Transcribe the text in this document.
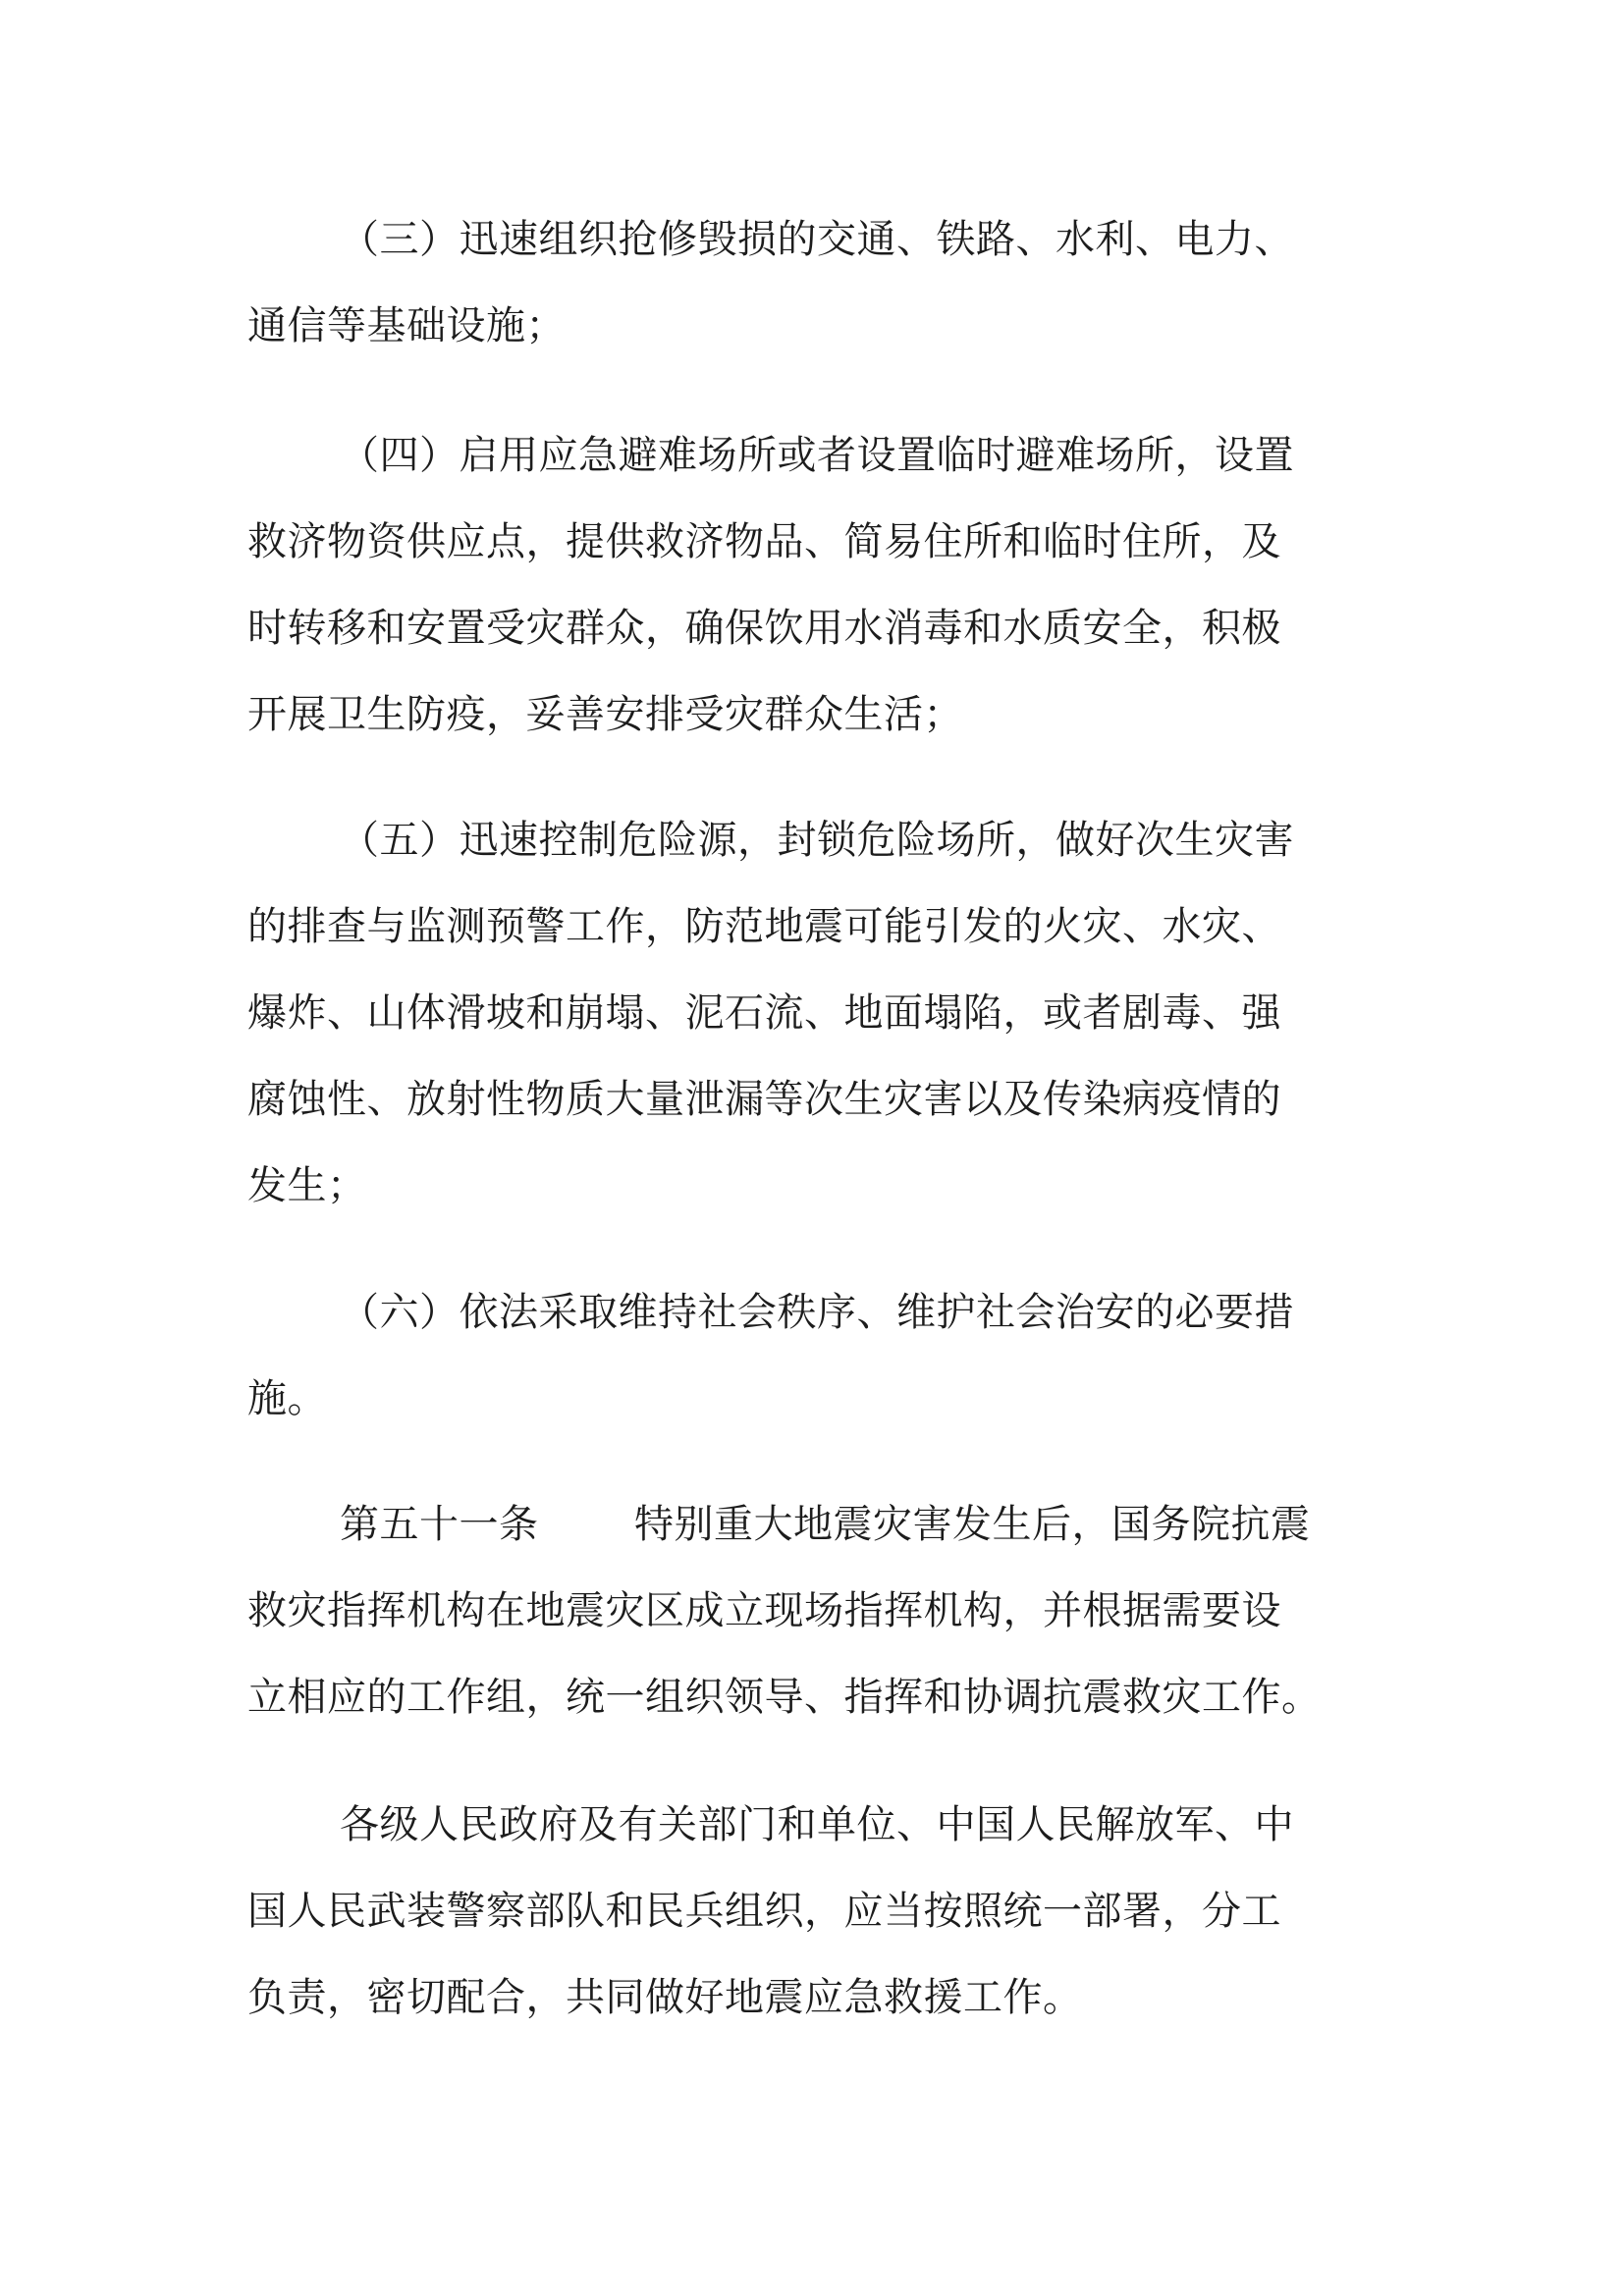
（三）迅速组织抢修毁损的交通、铁路、水利、电力、
通信等基础设施；

（四）启用应急避难场所或者设置临时避难场所，设置
救济物资供应点，提供救济物品、简易住所和临时住所，及
时转移和安置受灾群众，确保饮用水消毒和水质安全，积极
开展卫生防疫，妥善安排受灾群众生活；

（五）迅速控制危险源，封锁危险场所，做好次生灾害
的排查与监测预警工作，防范地震可能引发的火灾、水灾、
爆炸、山体滑坡和崩塌、泥石流、地面塌陷，或者剧毒、强
腐蚀性、放射性物质大量泄漏等次生灾害以及传染病疫情的
发生；

（六）依法采取维持社会秩序、维护社会治安的必要措
施。

第五十一条 特别重大地震灾害发生后，国务院抗震
救灾指挥机构在地震灾区成立现场指挥机构，并根据需要设
立相应的工作组，统一组织领导、指挥和协调抗震救灾工作。

各级人民政府及有关部门和单位、中国人民解放军、中
国人民武装警察部队和民兵组织，应当按照统一部署，分工
负责，密切配合，共同做好地震应急救援工作。
